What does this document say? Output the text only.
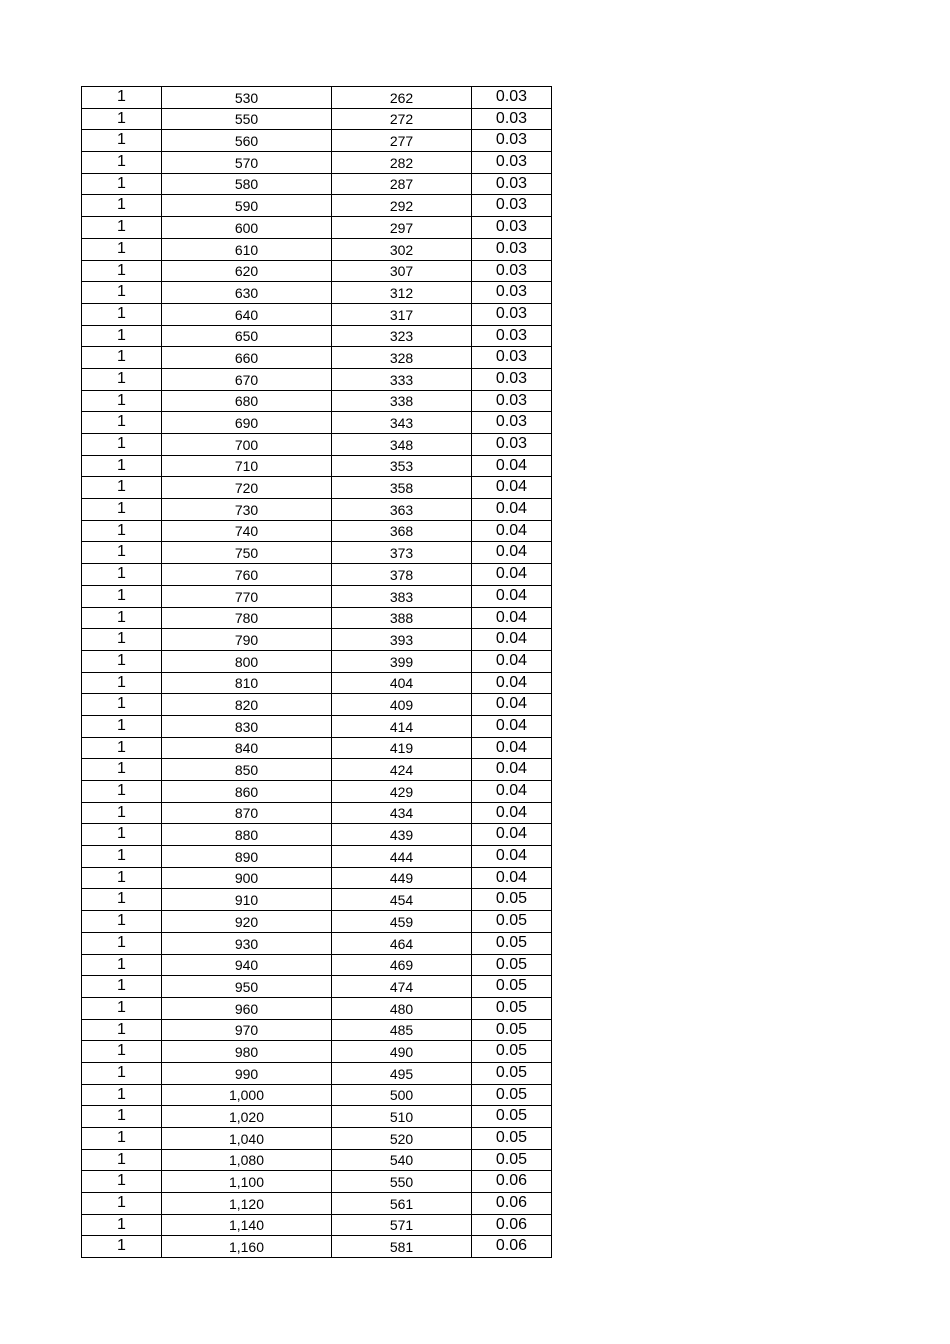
1	530	262	0.03
1	550	272	0.03
1	560	277	0.03
1	570	282	0.03
1	580	287	0.03
1	590	292	0.03
1	600	297	0.03
1	610	302	0.03
1	620	307	0.03
1	630	312	0.03
1	640	317	0.03
1	650	323	0.03
1	660	328	0.03
1	670	333	0.03
1	680	338	0.03
1	690	343	0.03
1	700	348	0.03
1	710	353	0.04
1	720	358	0.04
1	730	363	0.04
1	740	368	0.04
1	750	373	0.04
1	760	378	0.04
1	770	383	0.04
1	780	388	0.04
1	790	393	0.04
1	800	399	0.04
1	810	404	0.04
1	820	409	0.04
1	830	414	0.04
1	840	419	0.04
1	850	424	0.04
1	860	429	0.04
1	870	434	0.04
1	880	439	0.04
1	890	444	0.04
1	900	449	0.04
1	910	454	0.05
1	920	459	0.05
1	930	464	0.05
1	940	469	0.05
1	950	474	0.05
1	960	480	0.05
1	970	485	0.05
1	980	490	0.05
1	990	495	0.05
1	1,000	500	0.05
1	1,020	510	0.05
1	1,040	520	0.05
1	1,080	540	0.05
1	1,100	550	0.06
1	1,120	561	0.06
1	1,140	571	0.06
1	1,160	581	0.06
